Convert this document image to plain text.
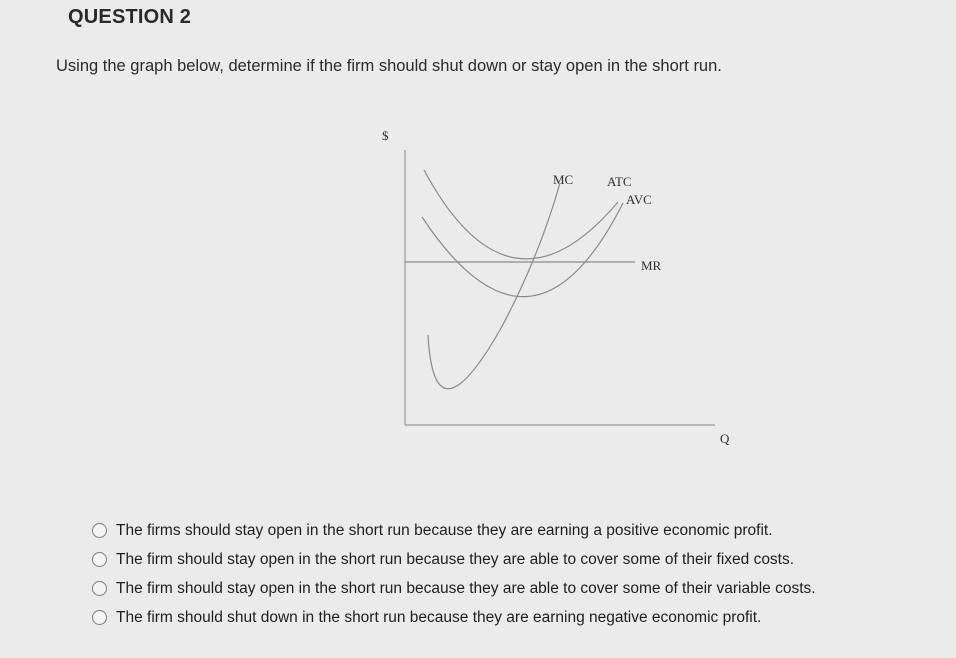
QUESTION 2
Using the graph below, determine if the firm should shut down or stay open in the short run.
$
Q
MR
ATC
AVC
MC
The firms should stay open in the short run because they are earning a positive economic profit.
The firm should stay open in the short run because they are able to cover some of their fixed costs.
The firm should stay open in the short run because they are able to cover some of their variable costs.
The firm should shut down in the short run because they are earning negative economic profit.
